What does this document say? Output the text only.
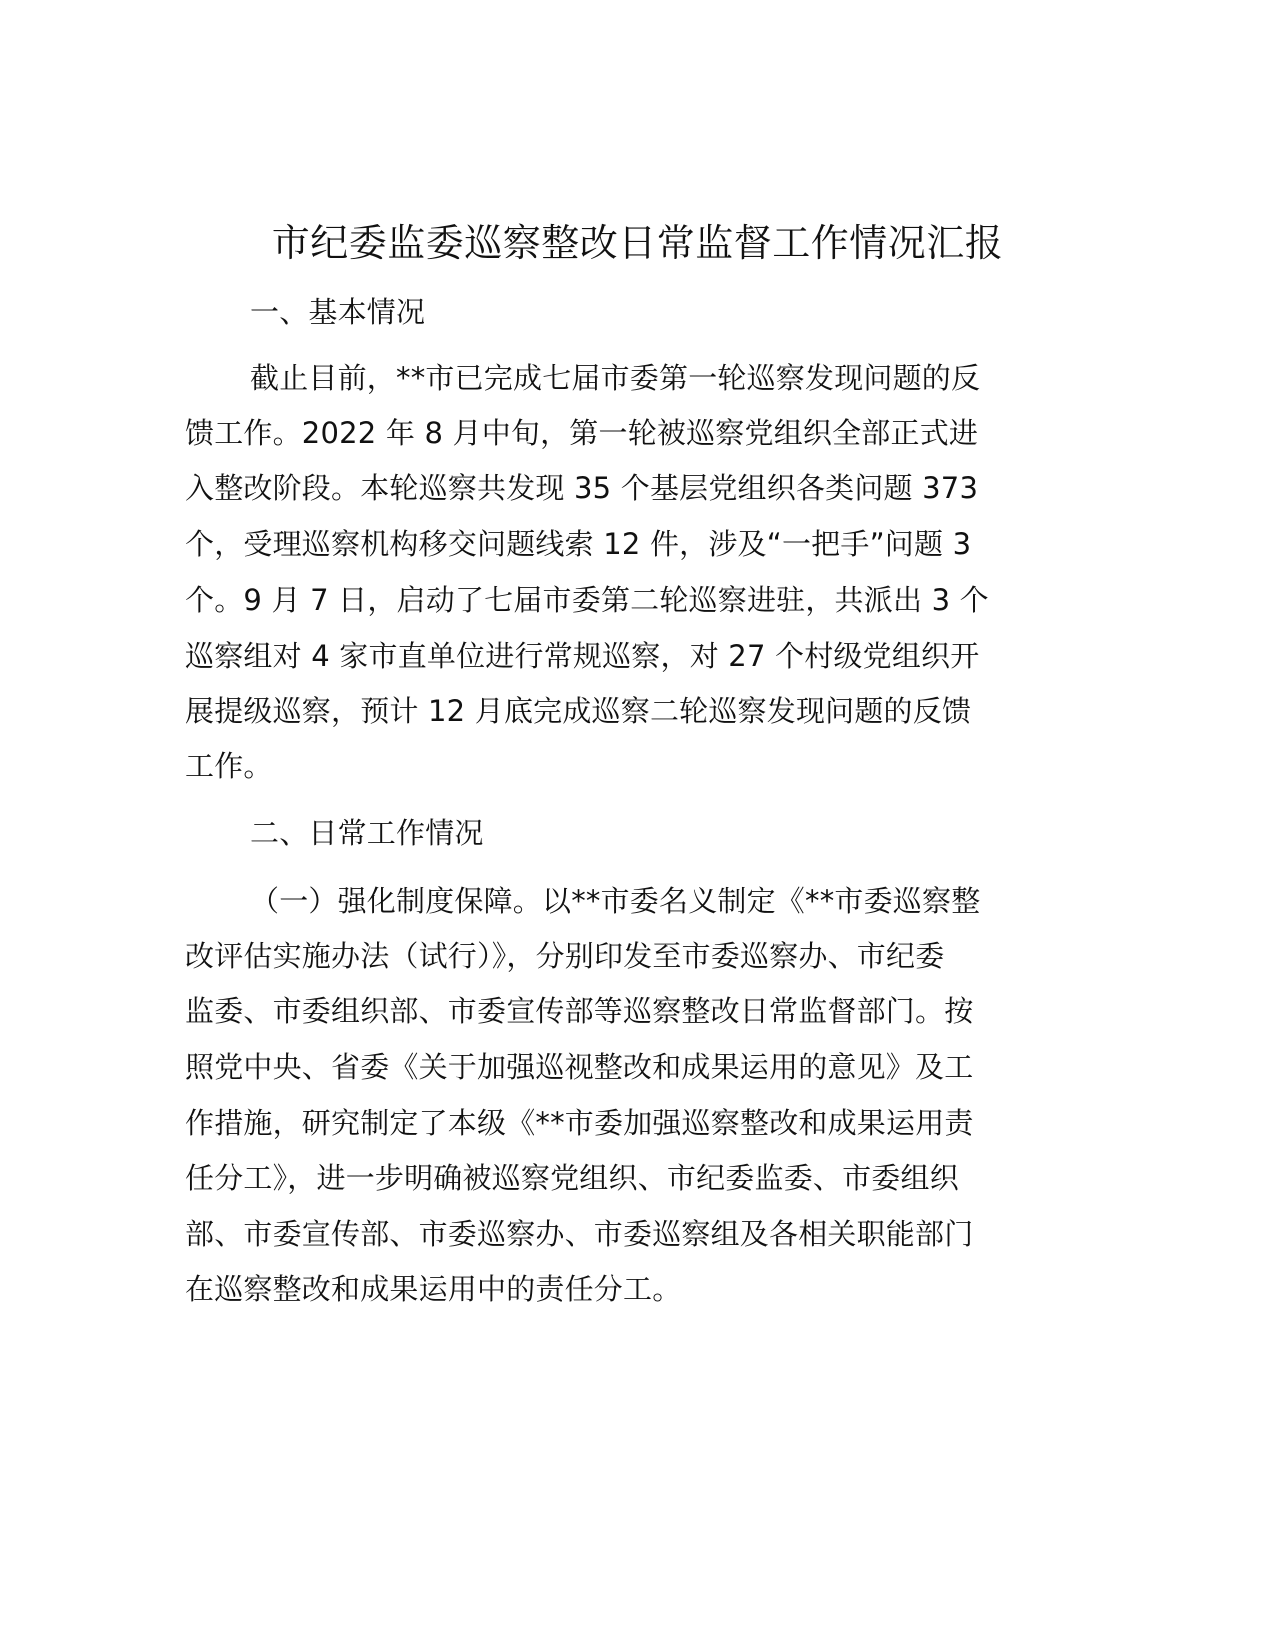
市纪委监委巡察整改日常监督工作情况汇报
一、基本情况
截止目前，**市已完成七届市委第一轮巡察发现问题的反
馈工作。2022 年 8 月中旬，第一轮被巡察党组织全部正式进
入整改阶段。本轮巡察共发现 35 个基层党组织各类问题 373
个，受理巡察机构移交问题线索 12 件，涉及“一把手”问题 3
个。9 月 7 日，启动了七届市委第二轮巡察进驻，共派出 3 个
巡察组对 4 家市直单位进行常规巡察，对 27 个村级党组织开
展提级巡察，预计 12 月底完成巡察二轮巡察发现问题的反馈
工作。
二、日常工作情况
（一）强化制度保障。以**市委名义制定《**市委巡察整
改评估实施办法（试行）》，分别印发至市委巡察办、市纪委
监委、市委组织部、市委宣传部等巡察整改日常监督部门。按
照党中央、省委《关于加强巡视整改和成果运用的意见》及工
作措施，研究制定了本级《**市委加强巡察整改和成果运用责
任分工》，进一步明确被巡察党组织、市纪委监委、市委组织
部、市委宣传部、市委巡察办、市委巡察组及各相关职能部门
在巡察整改和成果运用中的责任分工。
